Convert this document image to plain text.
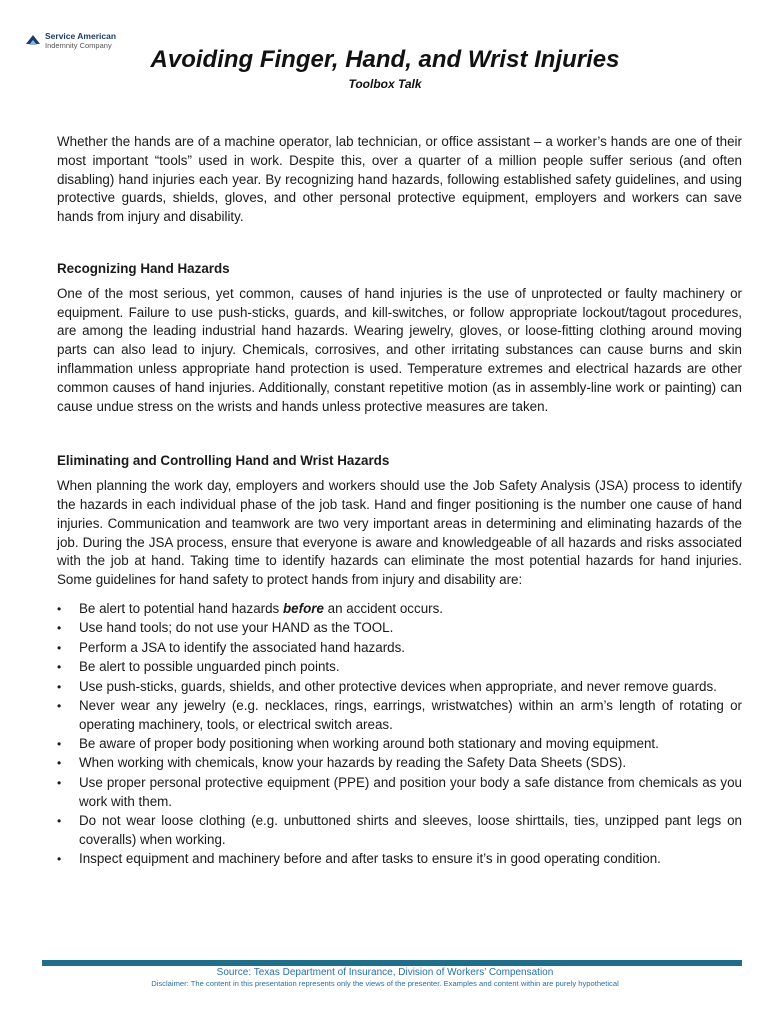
Service American
Indemnity Company
Avoiding Finger, Hand, and Wrist Injuries
Toolbox Talk

Whether the hands are of a machine operator, lab technician, or office assistant – a worker’s hands are one of their most important “tools” used in work. Despite this, over a quarter of a million people suffer serious (and often disabling) hand injuries each year. By recognizing hand hazards, following established safety guidelines, and using protective guards, shields, gloves, and other personal protective equipment, employers and workers can save hands from injury and disability.

Recognizing Hand Hazards

One of the most serious, yet common, causes of hand injuries is the use of unprotected or faulty machinery or equipment. Failure to use push-sticks, guards, and kill-switches, or follow appropriate lockout/tagout procedures, are among the leading industrial hand hazards. Wearing jewelry, gloves, or loose-fitting clothing around moving parts can also lead to injury. Chemicals, corrosives, and other irritating substances can cause burns and skin inflammation unless appropriate hand protection is used. Temperature extremes and electrical hazards are other common causes of hand injuries. Additionally, constant repetitive motion (as in assembly-line work or painting) can cause undue stress on the wrists and hands unless protective measures are taken.

Eliminating and Controlling Hand and Wrist Hazards

When planning the work day, employers and workers should use the Job Safety Analysis (JSA) process to identify the hazards in each individual phase of the job task. Hand and finger positioning is the number one cause of hand injuries. Communication and teamwork are two very important areas in determining and eliminating hazards of the job. During the JSA process, ensure that everyone is aware and knowledgeable of all hazards and risks associated with the job at hand. Taking time to identify hazards can eliminate the most potential hazards for hand injuries. Some guidelines for hand safety to protect hands from injury and disability are:

• Be alert to potential hand hazards before an accident occurs.
• Use hand tools; do not use your HAND as the TOOL.
• Perform a JSA to identify the associated hand hazards.
• Be alert to possible unguarded pinch points.
• Use push-sticks, guards, shields, and other protective devices when appropriate, and never remove guards.
• Never wear any jewelry (e.g. necklaces, rings, earrings, wristwatches) within an arm’s length of rotating or operating machinery, tools, or electrical switch areas.
• Be aware of proper body positioning when working around both stationary and moving equipment.
• When working with chemicals, know your hazards by reading the Safety Data Sheets (SDS).
• Use proper personal protective equipment (PPE) and position your body a safe distance from chemicals as you work with them.
• Do not wear loose clothing (e.g. unbuttoned shirts and sleeves, loose shirttails, ties, unzipped pant legs on coveralls) when working.
• Inspect equipment and machinery before and after tasks to ensure it’s in good operating condition.
Source: Texas Department of Insurance, Division of Workers’ Compensation
Disclaimer: The content in this presentation represents only the views of the presenter. Examples and content within are purely hypothetical
